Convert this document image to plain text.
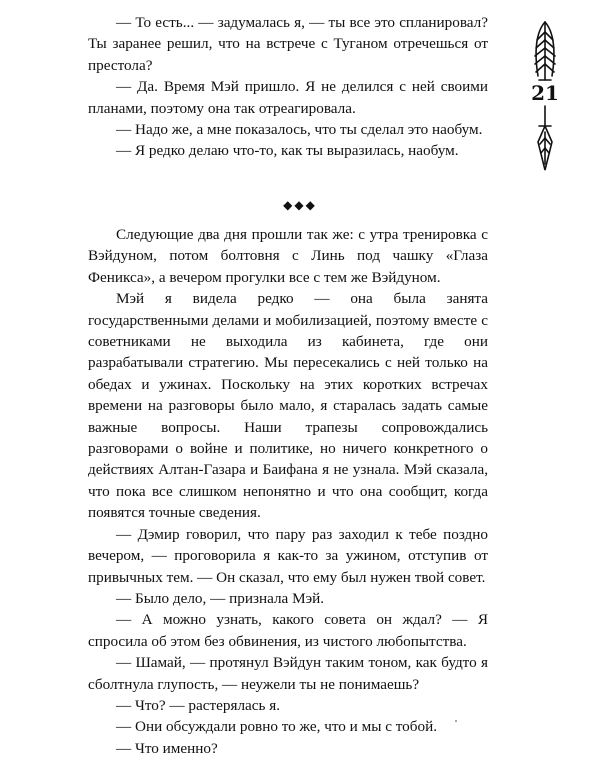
— То есть... — задумалась я, — ты все это спланировал? Ты заранее решил, что на встрече с Туганом отречешься от престола?

— Да. Время Мэй пришло. Я не делился с ней своими планами, поэтому она так отреагировала.

— Надо же, а мне показалось, что ты сделал это наобум.

— Я редко делаю что-то, как ты выразилась, наобум.

◆◆◆

Следующие два дня прошли так же: с утра тренировка с Вэйдуном, потом болтовня с Линь под чашку «Глаза Феникса», а вечером прогулки все с тем же Вэйдуном.

Мэй я видела редко — она была занята государственными делами и мобилизацией, поэтому вместе с советниками не выходила из кабинета, где они разрабатывали стратегию. Мы пересекались с ней только на обедах и ужинах. Поскольку на этих коротких встречах времени на разговоры было мало, я старалась задать самые важные вопросы. Наши трапезы сопровождались разговорами о войне и политике, но ничего конкретного о действиях Алтан-Газара и Баифана я не узнала. Мэй сказала, что пока все слишком непонятно и что она сообщит, когда появятся точные сведения.

— Дэмир говорил, что пару раз заходил к тебе поздно вечером, — проговорила я как-то за ужином, отступив от привычных тем. — Он сказал, что ему был нужен твой совет.

— Было дело, — признала Мэй.

— А можно узнать, какого совета он ждал? — Я спросила об этом без обвинения, из чистого любопытства.

— Шамай, — протянул Вэйдун таким тоном, как будто я сболтнула глупость, — неужели ты не понимаешь?

— Что? — растерялась я.

— Они обсуждали ровно то же, что и мы с тобой.

— Что именно?

21
